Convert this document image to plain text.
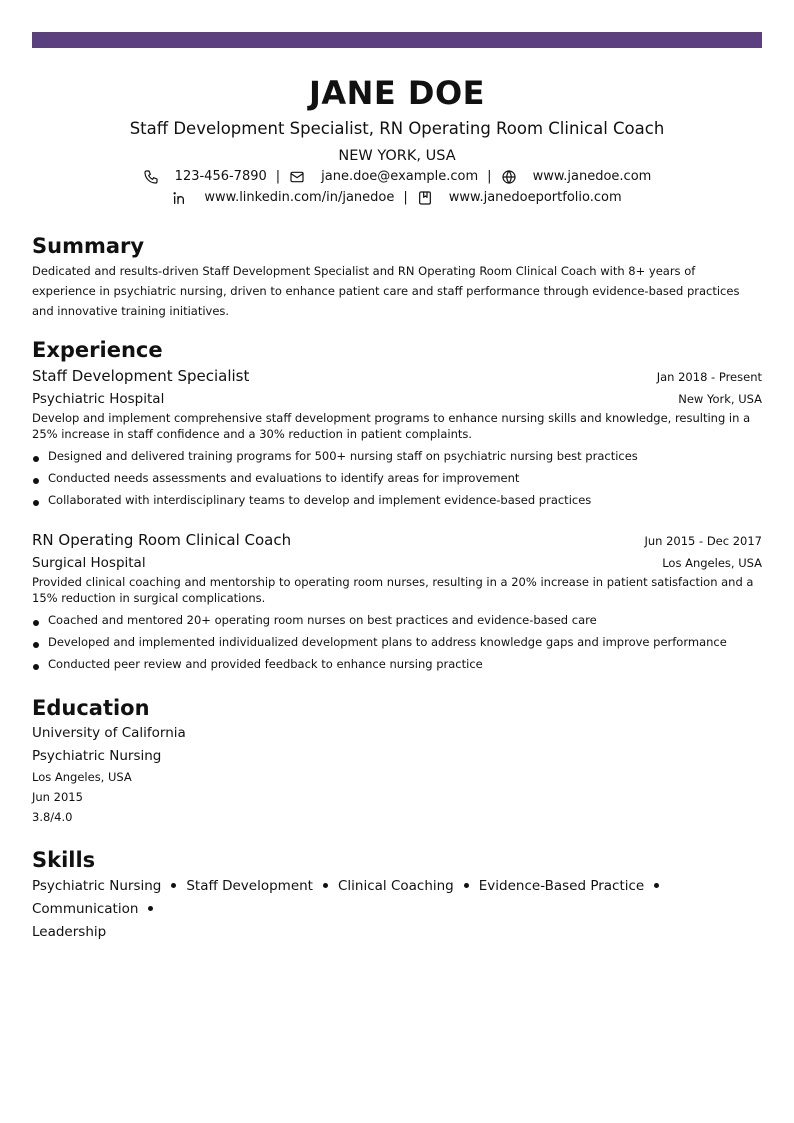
JANE DOE
Staff Development Specialist, RN Operating Room Clinical Coach
NEW YORK, USA
123-456-7890 |	jane.doe@example.com |	www.janedoe.com
www.linkedin.com/in/janedoe |	www.janedoeportfolio.com
Summary
Dedicated and results-driven Staff Development Specialist and RN Operating Room Clinical Coach with 8+ years of experience in psychiatric nursing, driven to enhance patient care and staff performance through evidence-based practices and innovative training initiatives.
Experience
Staff Development Specialist	Jan 2018 - Present
Psychiatric Hospital	New York, USA
Develop and implement comprehensive staff development programs to enhance nursing skills and knowledge, resulting in a 25% increase in staff confidence and a 30% reduction in patient complaints.
Designed and delivered training programs for 500+ nursing staff on psychiatric nursing best practices
Conducted needs assessments and evaluations to identify areas for improvement
Collaborated with interdisciplinary teams to develop and implement evidence-based practices
RN Operating Room Clinical Coach	Jun 2015 - Dec 2017
Surgical Hospital	Los Angeles, USA
Provided clinical coaching and mentorship to operating room nurses, resulting in a 20% increase in patient satisfaction and a 15% reduction in surgical complications.
Coached and mentored 20+ operating room nurses on best practices and evidence-based care
Developed and implemented individualized development plans to address knowledge gaps and improve performance
Conducted peer review and provided feedback to enhance nursing practice
Education
University of California
Psychiatric Nursing
Los Angeles, USA
Jun 2015
3.8/4.0
Skills
Psychiatric Nursing Staff Development Clinical Coaching Evidence-Based PracticeCommunication
Leadership
